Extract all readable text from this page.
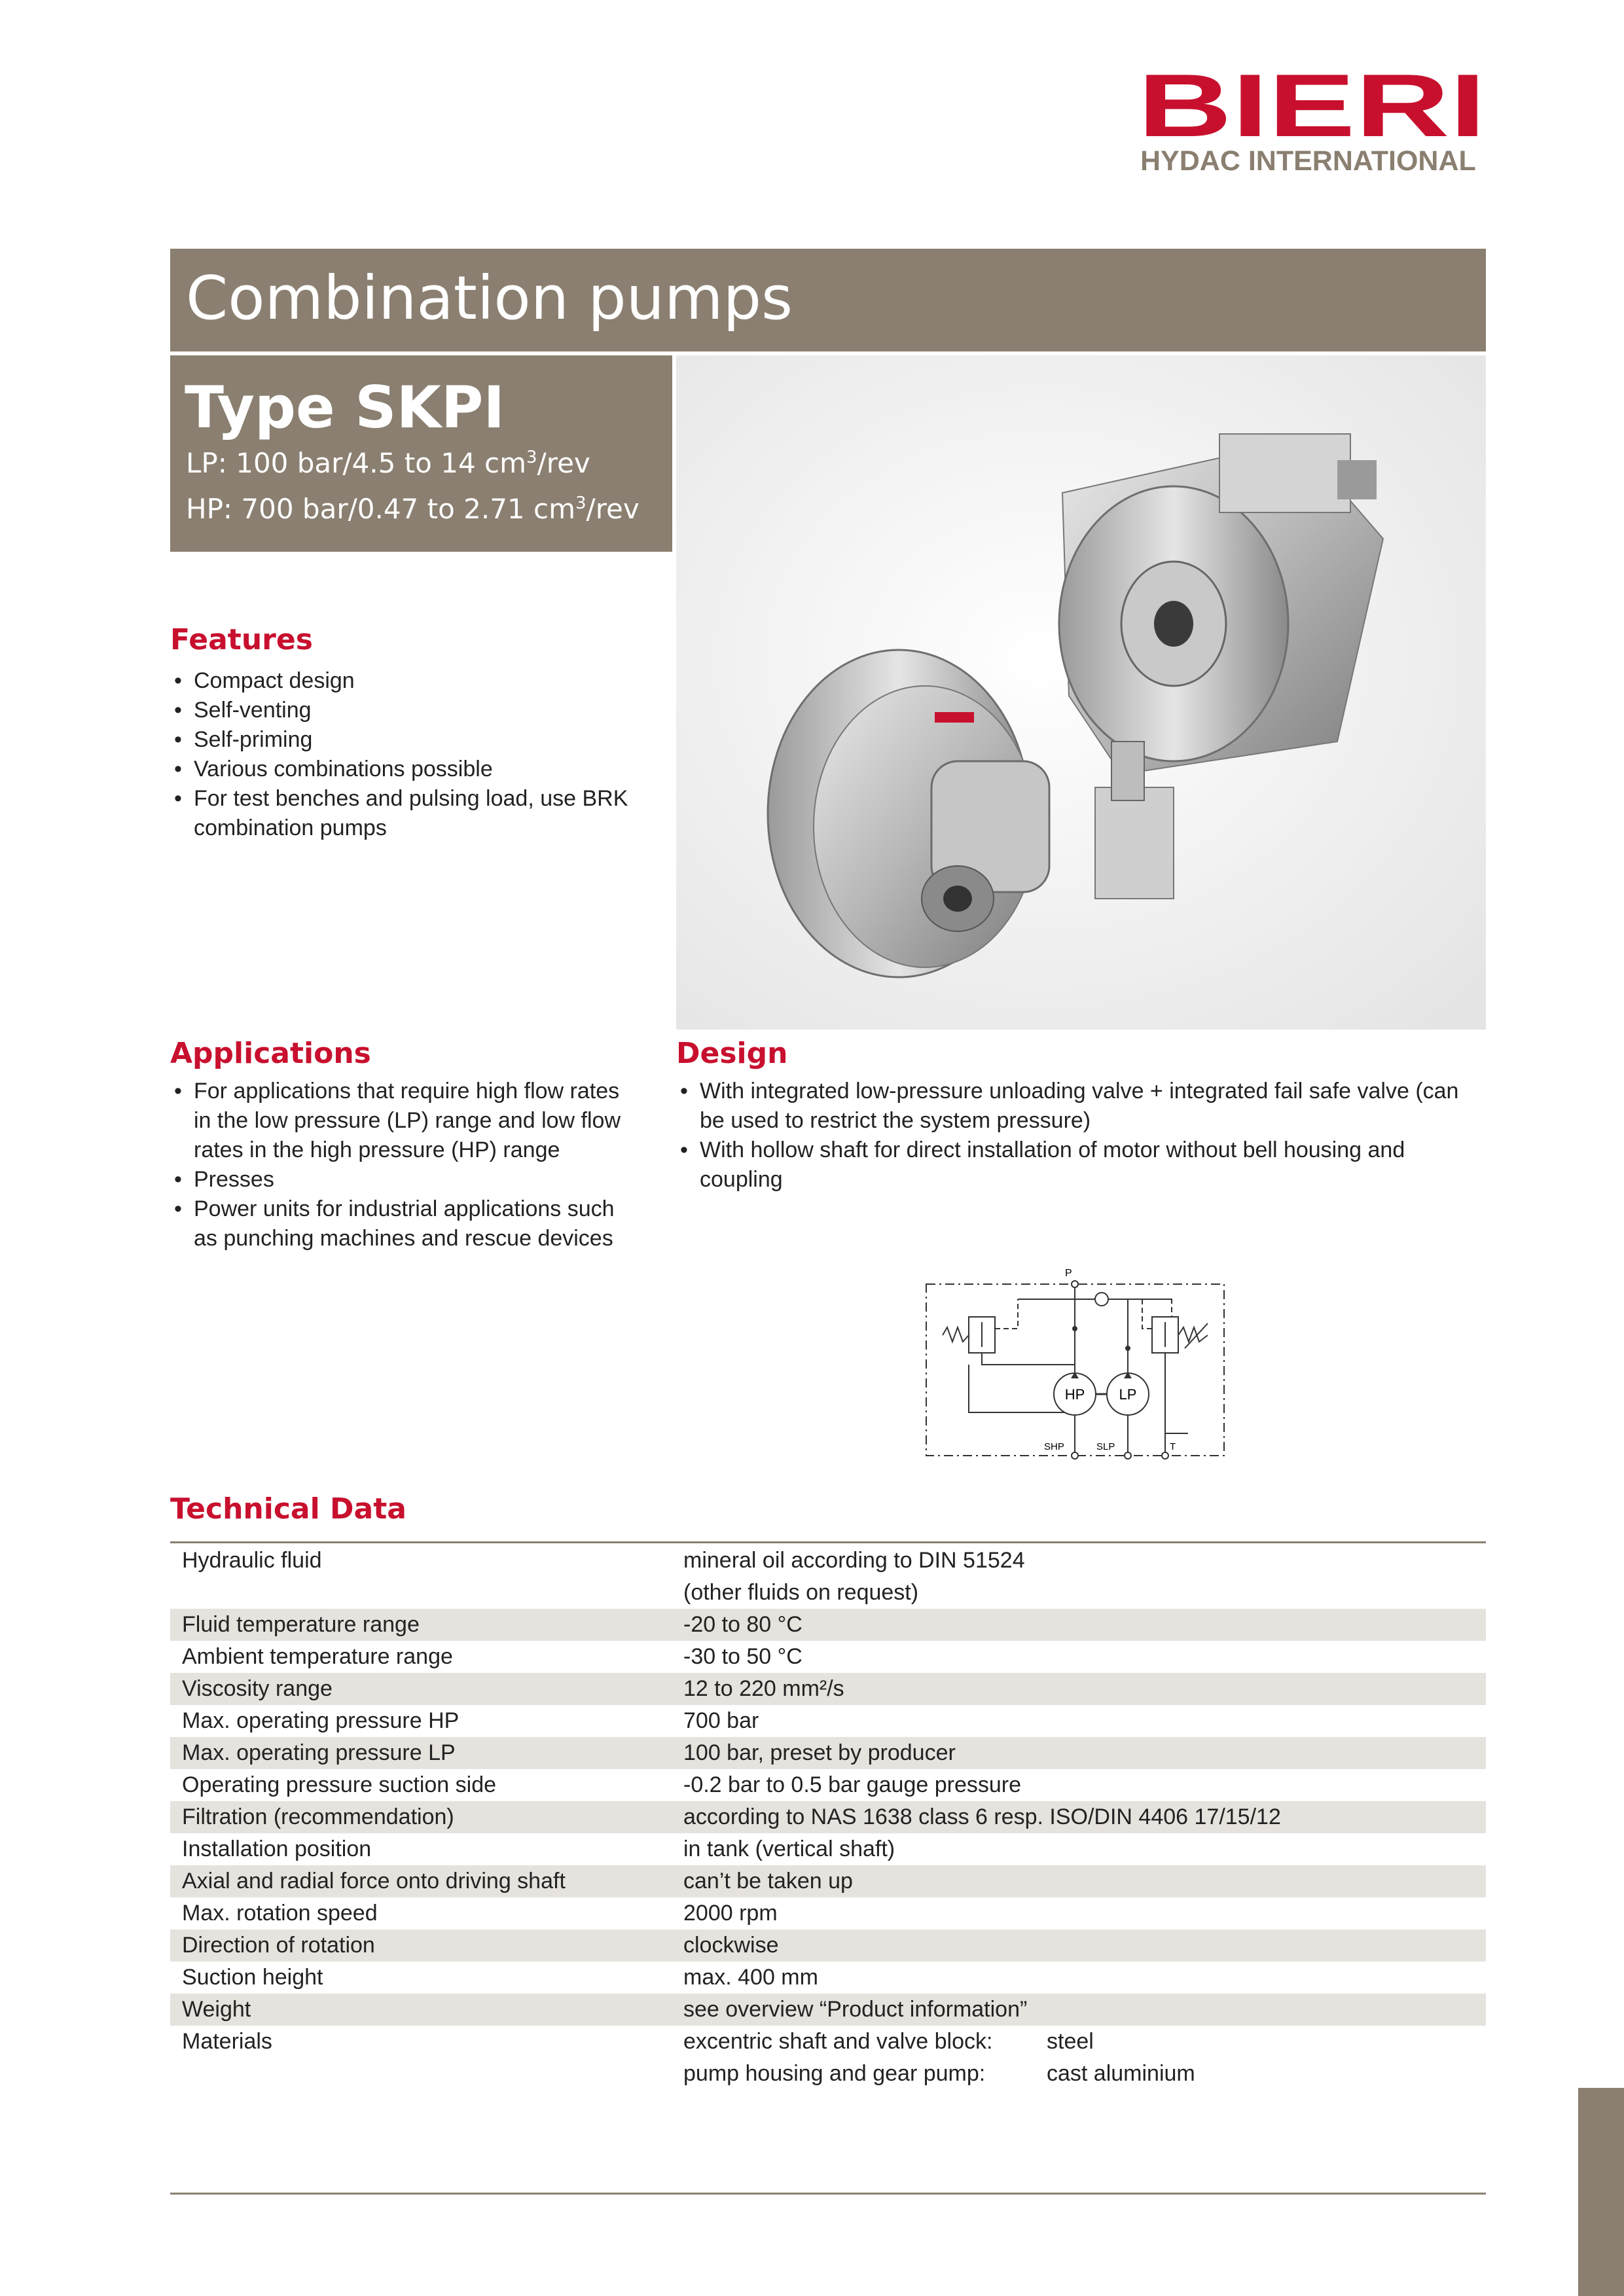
BIERI
HYDAC INTERNATIONAL
Combination pumps
Type SKPI
LP: 100 bar/4.5 to 14 $cm^3$/rev
HP: 700 bar/0.47 to 2.71 $cm^3$/rev
Features
• Compact design
• Self-venting
• Self-priming
• Various combinations possible
• For test benches and pulsing load, use BRK combination pumps
Applications
• For applications that require high flow rates in the low pressure (LP) range and low flow rates in the high pressure (HP) range
• Presses
• Power units for industrial applications such as punching machines and rescue devices
Design
• With integrated low-pressure unloading valve + integrated fail safe valve (can be used to restrict the system pressure)
• With hollow shaft for direct installation of motor without bell housing and coupling
P
HP LP
SHP	SLP	T
Technical Data
Hydraulic fluid	mineral oil according to DIN 51524
(other fluids on request)

Fluid temperature range	-20 to 80 °C
Ambient temperature range	-30 to 50 °C
Viscosity range	12 to 220 mm²/s
Max. operating pressure HP	700 bar
Max. operating pressure LP	100 bar, preset by producer
Operating pressure suction side	-0.2 bar to 0.5 bar gauge pressure
Filtration (recommendation)	according to NAS 1638 class 6 resp. ISO/DIN 4406 17/15/12
Installation position	in tank (vertical shaft)
Axial and radial force onto driving shaft	can’t be taken up
Max. rotation speed	2000 rpm
Direction of rotation	clockwise
Suction height	max. 400 mm
Weight	see overview “Product information”
Materials	excentric shaft and valve block: steel
pump housing and gear pump: cast aluminium
